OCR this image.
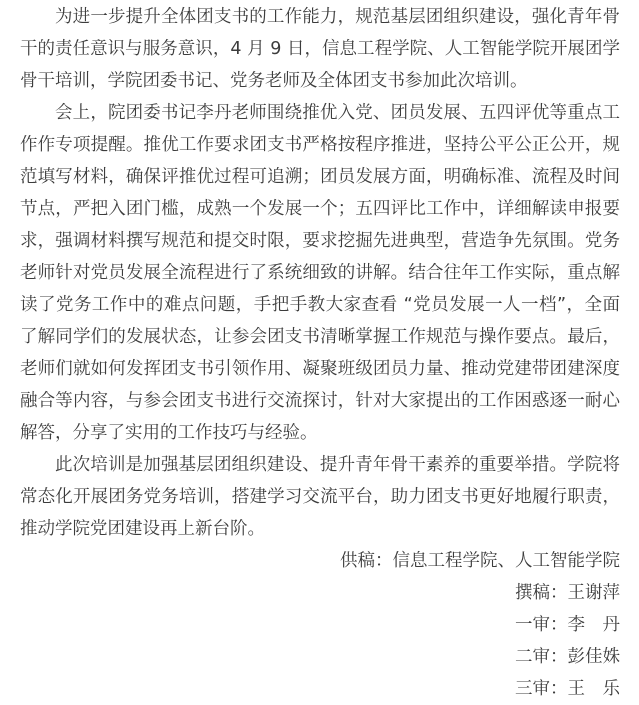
为进一步提升全体团支书的工作能力，规范基层团组织建设，强化青年骨干的责任意识与服务意识，4 月 9 日，信息工程学院、人工智能学院开展团学骨干培训，学院团委书记、党务老师及全体团支书参加此次培训。

会上，院团委书记李丹老师围绕推优入党、团员发展、五四评优等重点工作作专项提醒。推优工作要求团支书严格按程序推进，坚持公平公正公开，规范填写材料，确保评推优过程可追溯；团员发展方面，明确标准、流程及时间节点，严把入团门槛，成熟一个发展一个；五四评比工作中，详细解读申报要求，强调材料撰写规范和提交时限，要求挖掘先进典型，营造争先氛围。党务老师针对党员发展全流程进行了系统细致的讲解。结合往年工作实际，重点解读了党务工作中的难点问题，手把手教大家查看 “党员发展一人一档”，全面了解同学们的发展状态，让参会团支书清晰掌握工作规范与操作要点。最后，老师们就如何发挥团支书引领作用、凝聚班级团员力量、推动党建带团建深度融合等内容，与参会团支书进行交流探讨，针对大家提出的工作困惑逐一耐心解答，分享了实用的工作技巧与经验。

此次培训是加强基层团组织建设、提升青年骨干素养的重要举措。学院将常态化开展团务党务培训，搭建学习交流平台，助力团支书更好地履行职责，推动学院党团建设再上新台阶。

供稿：信息工程学院、人工智能学院

撰稿：王谢萍

一审：李　丹

二审：彭佳姝

三审：王　乐
